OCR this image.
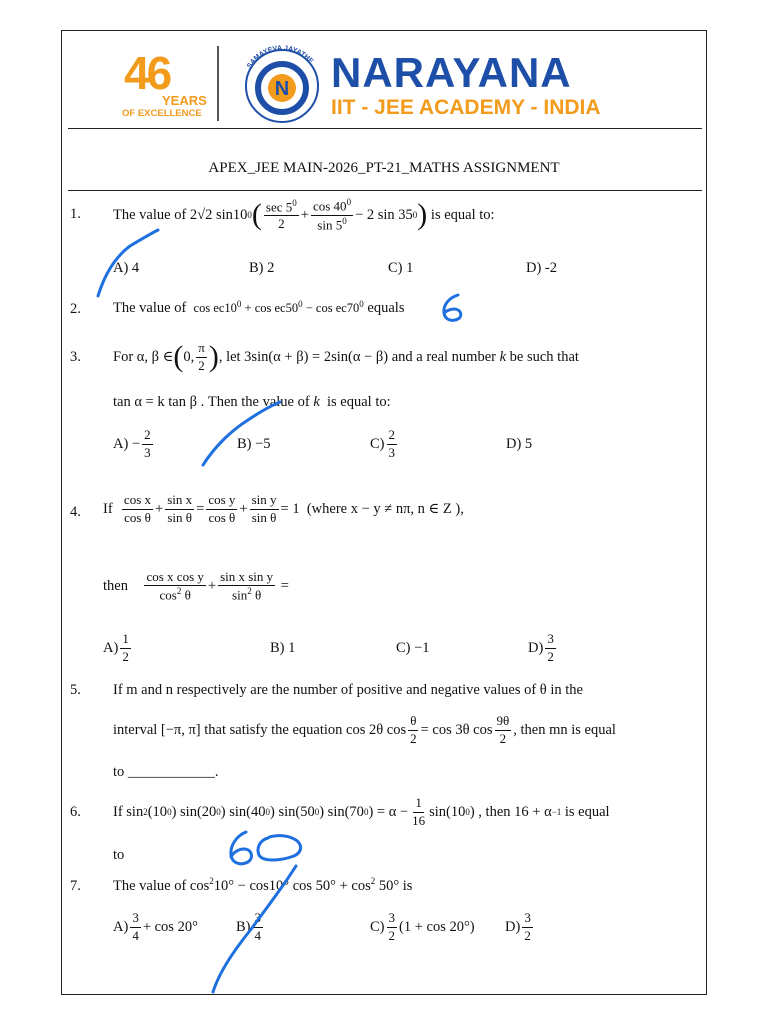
46
YEARS
OF EXCELLENCE
SAMAYEVA JAYATHE
N NARAYANA
IIT - JEE ACADEMY - INDIA
APEX_JEE MAIN-2026_PT-21_MATHS ASSIGNMENT
1. The value of
2√2 sin10 0 ( $\frac{\sec 5^0}{2} + \frac{\cos 40^0}{\sin 5^0} - 2$ sin 35 0 )
is equal to:
A) 4	B) 2	C) 1	D) -2
2. The value of $\cos ec10^0 + \cos ec50^0 - \cos ec70^0$ equals
3. For α, β ∈ ( 0, $\frac{\pi}{2}$ ) , let 3sin(α + β) = 2sin(α − β) and a real number
k
be such that
tan α = k tan β . Then the value of k is equal to:
$A) - \frac{2}{3}$	B) −5	$C) \frac{2}{3}$	D) 5
4. If
$\frac{\text{cos x}}{\text{cos θ}} + \frac{\text{sin x}}{\text{sin θ}} = \frac{\text{cos y}}{\text{cos θ}} + \frac{\text{sin y}}{\text{sin θ}} = 1$
(where x − y ≠ nπ, n ∈ Z ),
then
$\frac{\text{cos x cos y}}{\cos^2 \theta} + \frac{\text{sin x sin y}}{\sin^2 \theta}$
=
$A) \frac{1}{2}$	B) 1	C) −1	$D) \frac{3}{2}$
5. If m and n respectively are the number of positive and negative values of θ in the
interval [−π, π] that satisfy the equation cos 2θ $\cos \frac{\theta}{2} = \cos 3\theta$ $\cos \frac{9\theta}{2}$ , then mn is equal
to ____________.
6. If sin 2 (10 0 ) sin(20 0 ) sin(40 0 ) sin(50 0 ) sin(70 0 ) = $\alpha - \frac{1}{16} \sin(10$ 0 ) , then 16 + α −1
is equal
to
7. The value of $\cos^210^\circ - \cos 10^\circ$ $\cos 50^\circ + \cos^2 50^\circ$ is
$A) \frac{3}{4} + \cos 20^\circ$	$B) \frac{3}{4}$	$C) \frac{3}{2} (1 + \cos 20^\circ)$ $D) \frac{3}{2}$
6
60
